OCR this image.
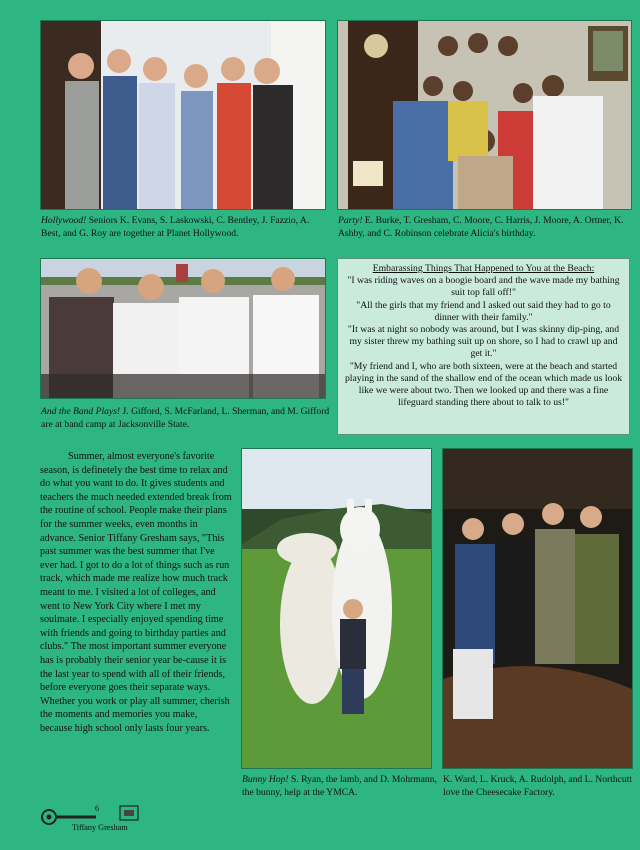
Hollywood! Seniors K. Evans, S. Laskowski, C. Bentley, J. Fazzio, A. Best, and G. Roy are together at Planet Hollywood.
Party! E. Burke, T. Gresham, C. Moore, C. Harris, J. Moore, A. Ortner, K. Ashby, and C. Robinson celebrate Alicia's birthday.
And the Band Plays! J. Gifford, S. McFarland, L. Sherman, and M. Gifford are at band camp at Jacksonville State.
Embarassing Things That Happened to You at the Beach:
"I was riding waves on a boogie board and the wave made my bathing suit top fall off!"
"All the girls that my friend and I asked out said they had to go to dinner with their family."
"It was at night so nobody was around, but I was skinny dip-ping, and my sister threw my bathing suit up on shore, so I had to crawl up and get it."
"My friend and I, who are both sixteen, were at the beach and started playing in the sand of the shallow end of the ocean which made us look like we were about two. Then we looked up and there was a fine lifeguard standing there about to talk to us!"

Summer, almost everyone's favorite season, is definetely the best time to relax and do what you want to do. It gives students and teachers the much needed extended break from the routine of school. People make their plans for the summer weeks, even months in advance. Senior Tiffany Gresham says, "This past summer was the best summer that I've ever had. I got to do a lot of things such as run track, which made me realize how much track meant to me. I visited a lot of colleges, and went to New York City where I met my soulmate. I especially enjoyed spending time with friends and going to birthday parties and clubs." The most important summer everyone has is probably their senior year be-cause it is the last year to spend with all of their friends, before everyone goes their separate ways. Whether you work or play all summer, cherish the moments and memories you make, because high school only lasts four years.

Bunny Hop! S. Ryan, the lamb, and D. Mohrmann, the bunny, help at the YMCA.
K. Ward, L. Kruck, A. Rudolph, and L. Northcutt love the Cheesecake Factory.
6
Tiffany Gresham
